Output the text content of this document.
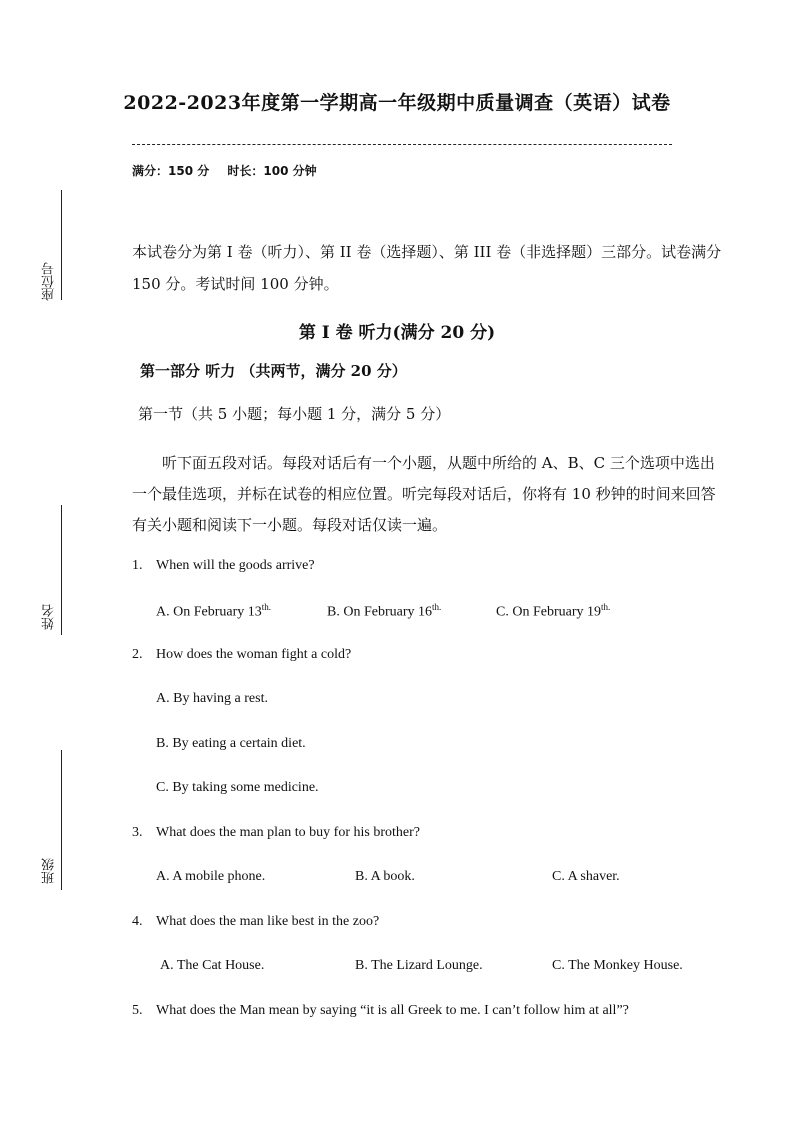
座位号
姓名
班级
2022-2023年度第一学期高一年级期中质量调查（英语）试卷
满分：150 分 时长：100 分钟
本试卷分为第 I 卷（听力）、第 II 卷（选择题）、第 III 卷（非选择题）三部分。试卷满分 150 分。考试时间 100 分钟。
第 I 卷 听力(满分 20 分)
第一部分 听力 （共两节，满分 20 分）
第一节（共 5 小题；每小题 1 分，满分 5 分）
听下面五段对话。每段对话后有一个小题，从题中所给的 A、B、C 三个选项中选出一个最佳选项，并标在试卷的相应位置。听完每段对话后，你将有 10 秒钟的时间来回答有关小题和阅读下一小题。每段对话仅读一遍。
1. When will the goods arrive?
A. On February $13^{th.}$	B. On February $16^{th.}$	C. On February $19^{th.}$
2. How does the woman fight a cold?
A. By having a rest.
B. By eating a certain diet.
C. By taking some medicine.
3. What does the man plan to buy for his brother?
A. A mobile phone.	B. A book.	C. A shaver.
4. What does the man like best in the zoo?
A. The Cat House.	B. The Lizard Lounge.	C. The Monkey House.
5. What does the Man mean by saying “it is all Greek to me. I can’t follow him at all”?
